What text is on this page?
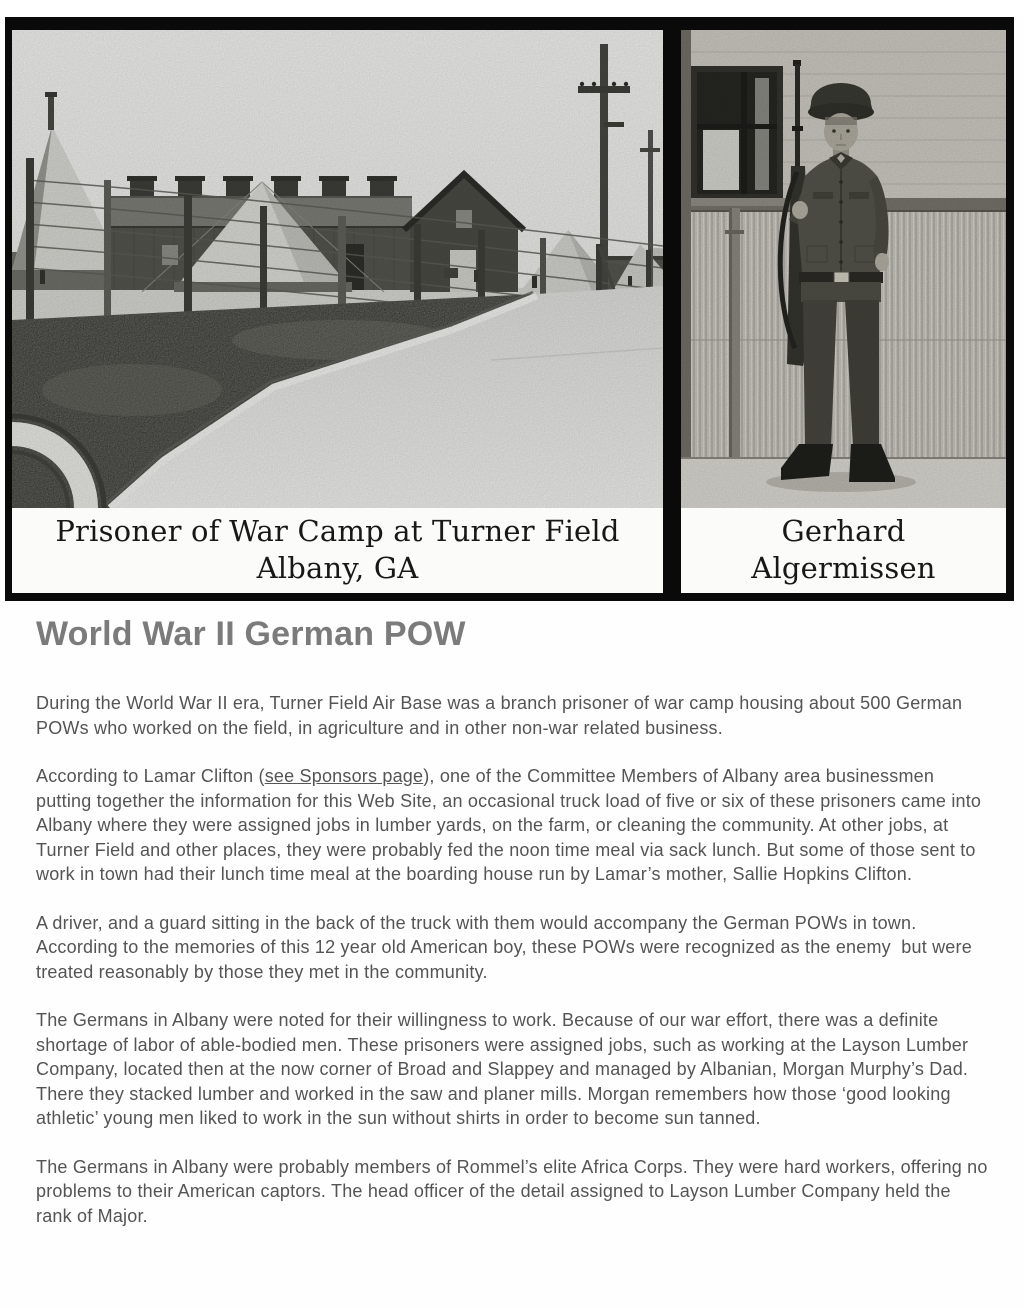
Prisoner of War Camp at Turner Field
Albany, GA
Gerhard
Algermissen
World War II German POW

During the World War II era, Turner Field Air Base was a branch prisoner of war camp housing about 500 German POWs who worked on the field, in agriculture and in other non-war related business.

According to Lamar Clifton (see Sponsors page), one of the Committee Members of Albany area businessmen putting together the information for this Web Site, an occasional truck load of five or six of these prisoners came into Albany where they were assigned jobs in lumber yards, on the farm, or cleaning the community. At other jobs, at Turner Field and other places, they were probably fed the noon time meal via sack lunch. But some of those sent to work in town had their lunch time meal at the boarding house run by Lamar’s mother, Sallie Hopkins Clifton.

A driver, and a guard sitting in the back of the truck with them would accompany the German POWs in town. According to the memories of this 12 year old American boy, these POWs were recognized as the enemy  but were treated reasonably by those they met in the community.

The Germans in Albany were noted for their willingness to work. Because of our war effort, there was a definite shortage of labor of able-bodied men. These prisoners were assigned jobs, such as working at the Layson Lumber Company, located then at the now corner of Broad and Slappey and managed by Albanian, Morgan Murphy’s Dad. There they stacked lumber and worked in the saw and planer mills. Morgan remembers how those ‘good looking athletic’ young men liked to work in the sun without shirts in order to become sun tanned.

The Germans in Albany were probably members of Rommel’s elite Africa Corps. They were hard workers, offering no problems to their American captors. The head officer of the detail assigned to Layson Lumber Company held the rank of Major.
